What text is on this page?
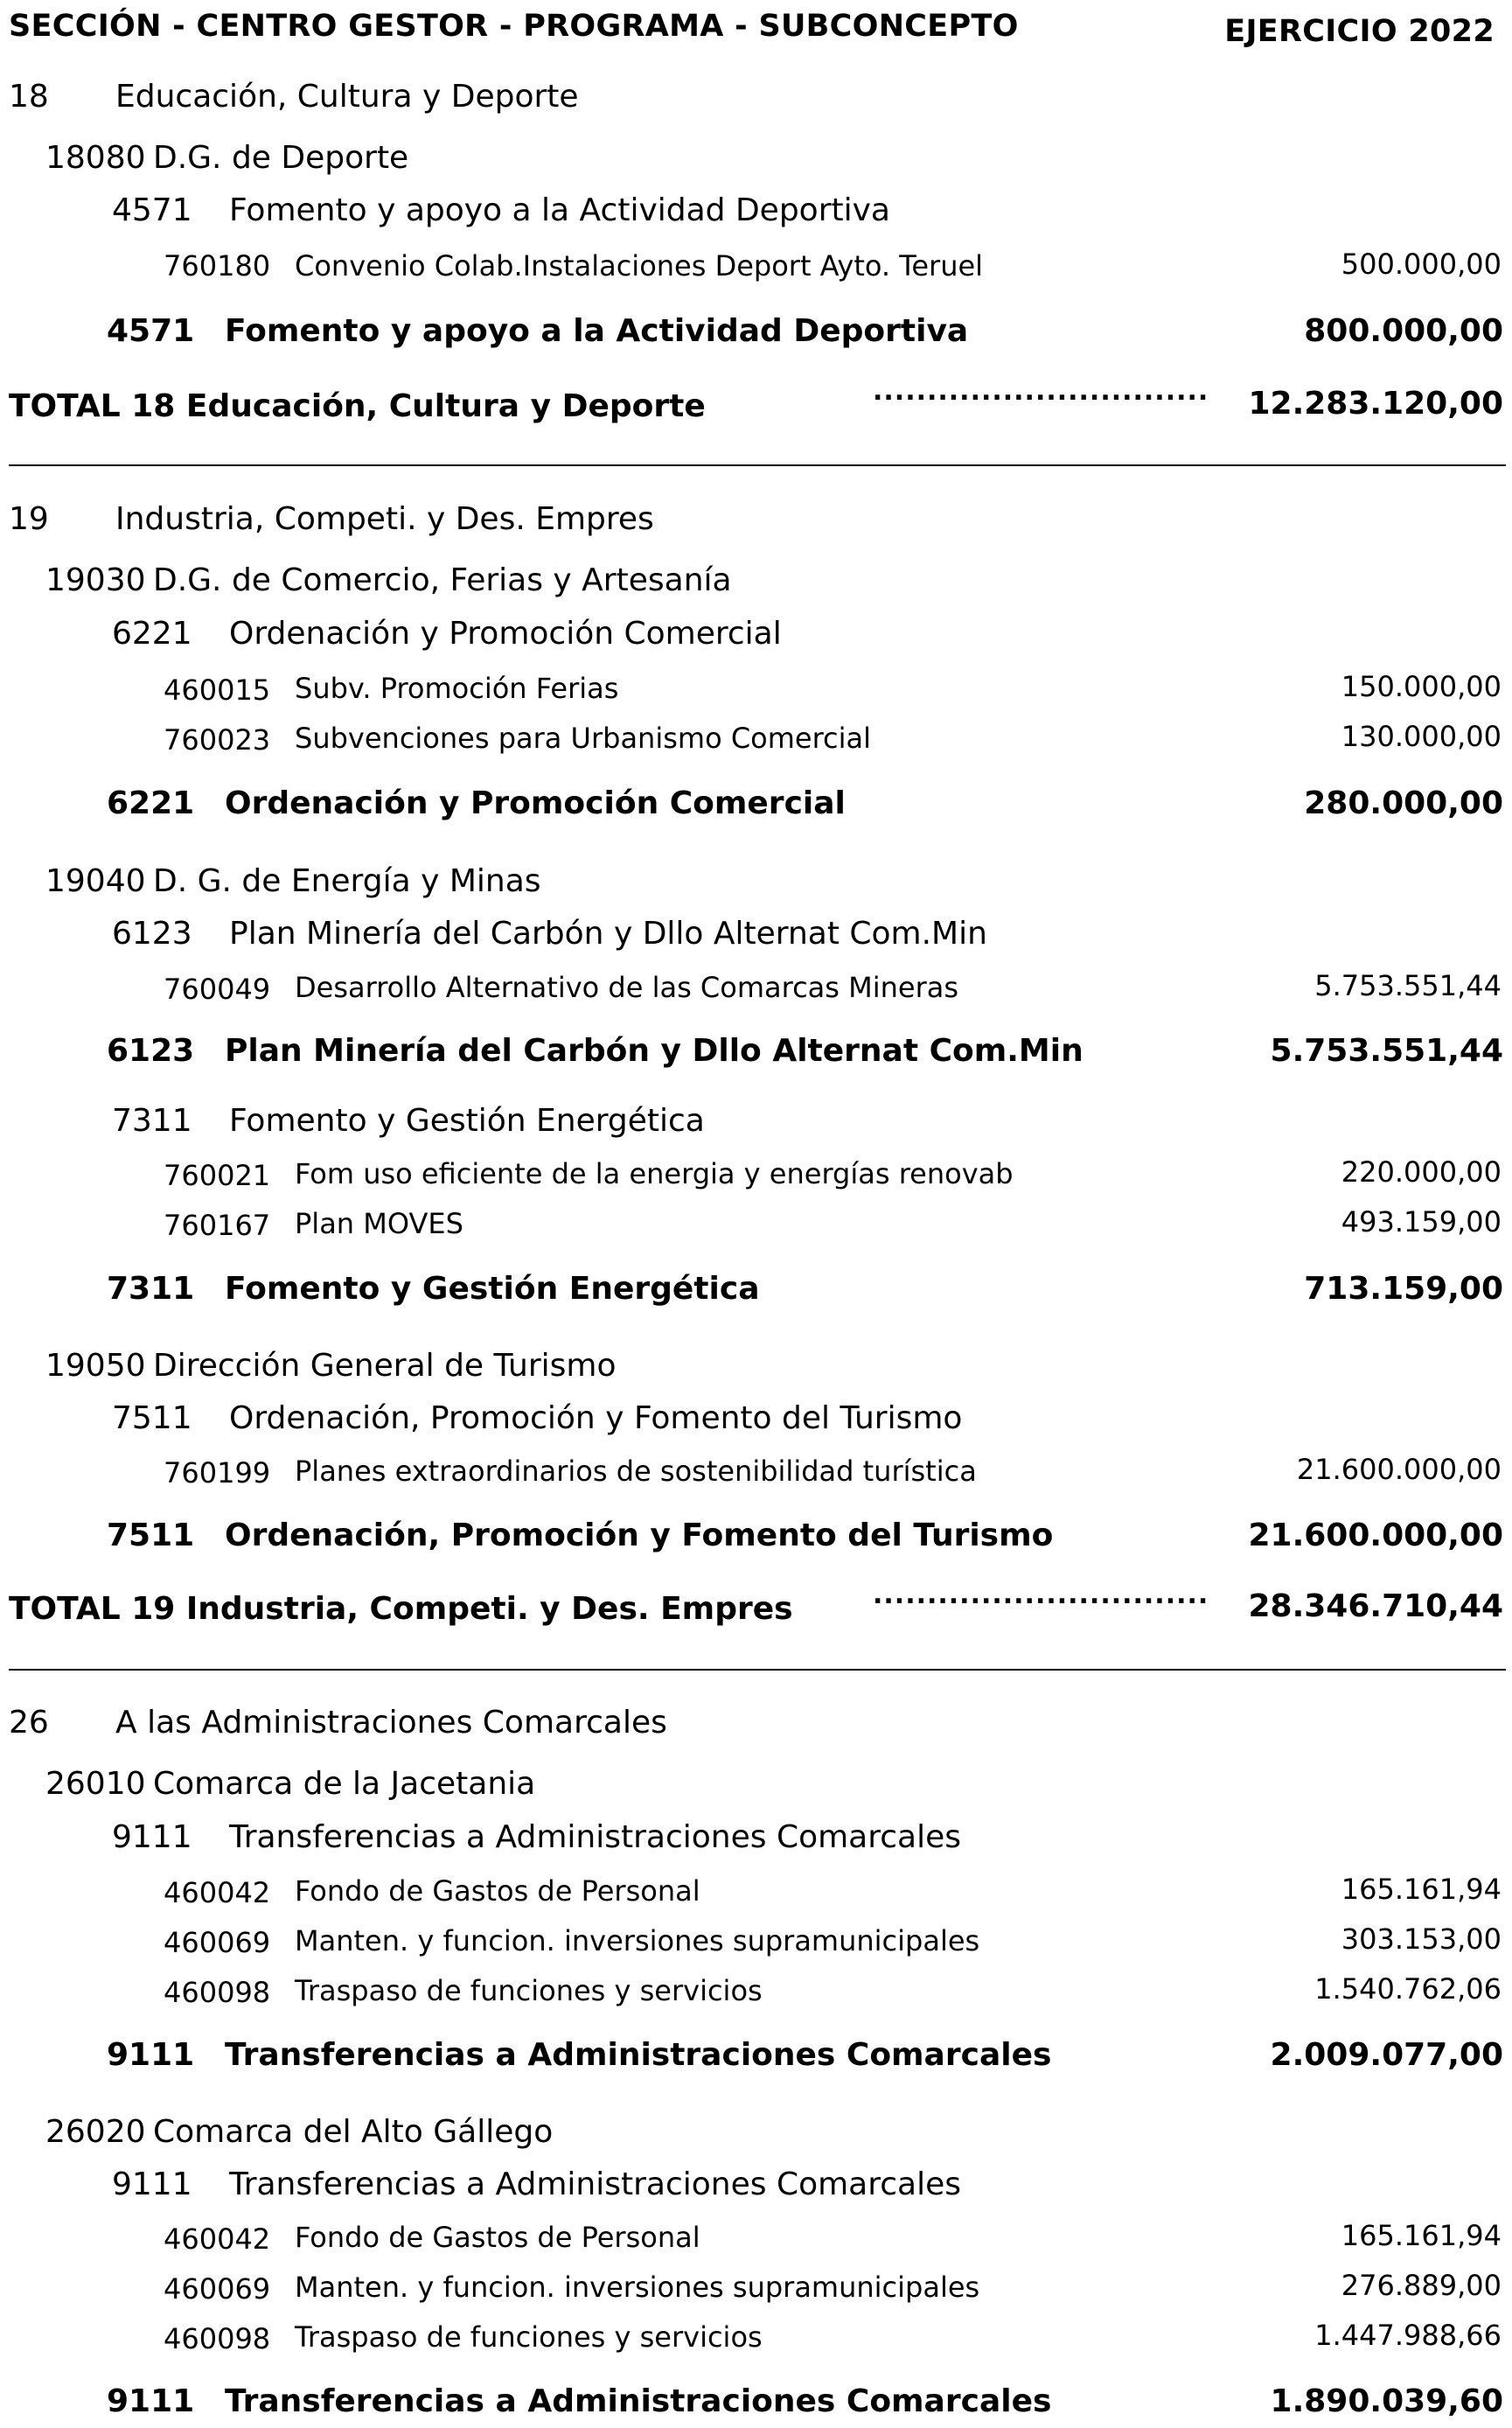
SECCIÓN - CENTRO GESTOR - PROGRAMA - SUBCONCEPTO	EJERCICIO 2022
18 Educación, Cultura y Deporte
18080 D.G. de Deporte
4571 Fomento y apoyo a la Actividad Deportiva
760180 Convenio Colab.Instalaciones Deport Ayto. Teruel	500.000,00
4571 Fomento y apoyo a la Actividad Deportiva	800.000,00
TOTAL 18 Educación, Cultura y Deporte	............................... 12.283.120,00
19 Industria, Competi. y Des. Empres
19030 D.G. de Comercio, Ferias y Artesanía
6221 Ordenación y Promoción Comercial
460015 Subv. Promoción Ferias	150.000,00
760023 Subvenciones para Urbanismo Comercial	130.000,00
6221 Ordenación y Promoción Comercial	280.000,00
19040 D. G. de Energía y Minas
6123 Plan Minería del Carbón y Dllo Alternat Com.Min
760049 Desarrollo Alternativo de las Comarcas Mineras	5.753.551,44
6123 Plan Minería del Carbón y Dllo Alternat Com.Min	5.753.551,44
7311 Fomento y Gestión Energética
760021 Fom uso eficiente de la energia y energías renovab	220.000,00
760167 Plan MOVES	493.159,00
7311 Fomento y Gestión Energética	713.159,00
19050 Dirección General de Turismo
7511 Ordenación, Promoción y Fomento del Turismo
760199 Planes extraordinarios de sostenibilidad turística	21.600.000,00
7511 Ordenación, Promoción y Fomento del Turismo	21.600.000,00
TOTAL 19 Industria, Competi. y Des. Empres	............................... 28.346.710,44
26 A las Administraciones Comarcales
26010 Comarca de la Jacetania
9111 Transferencias a Administraciones Comarcales
460042 Fondo de Gastos de Personal	165.161,94
460069 Manten. y funcion. inversiones supramunicipales	303.153,00
460098 Traspaso de funciones y servicios	1.540.762,06
9111 Transferencias a Administraciones Comarcales	2.009.077,00
26020 Comarca del Alto Gállego
9111 Transferencias a Administraciones Comarcales
460042 Fondo de Gastos de Personal	165.161,94
460069 Manten. y funcion. inversiones supramunicipales	276.889,00
460098 Traspaso de funciones y servicios	1.447.988,66
9111 Transferencias a Administraciones Comarcales	1.890.039,60
